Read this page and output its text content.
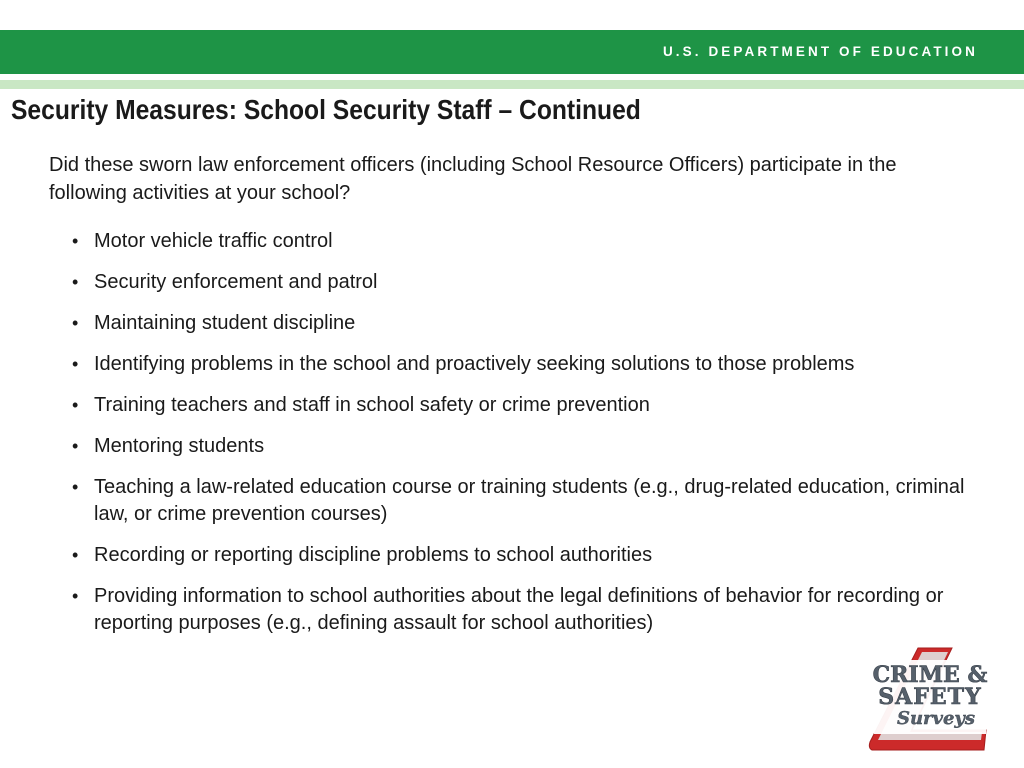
U.S. DEPARTMENT OF EDUCATION
Security Measures: School Security Staff – Continued

Did these sworn law enforcement officers (including School Resource Officers) participate in the following activities at your school?

• Motor vehicle traffic control
• Security enforcement and patrol
• Maintaining student discipline
• Identifying problems in the school and proactively seeking solutions to those problems
• Training teachers and staff in school safety or crime prevention
• Mentoring students
• Teaching a law-related education course or training students (e.g., drug-related education, criminal law, or crime prevention courses)
• Recording or reporting discipline problems to school authorities
• Providing information to school authorities about the legal definitions of behavior for recording or reporting purposes (e.g., defining assault for school authorities)
CRIME &
SAFETY
Surveys
